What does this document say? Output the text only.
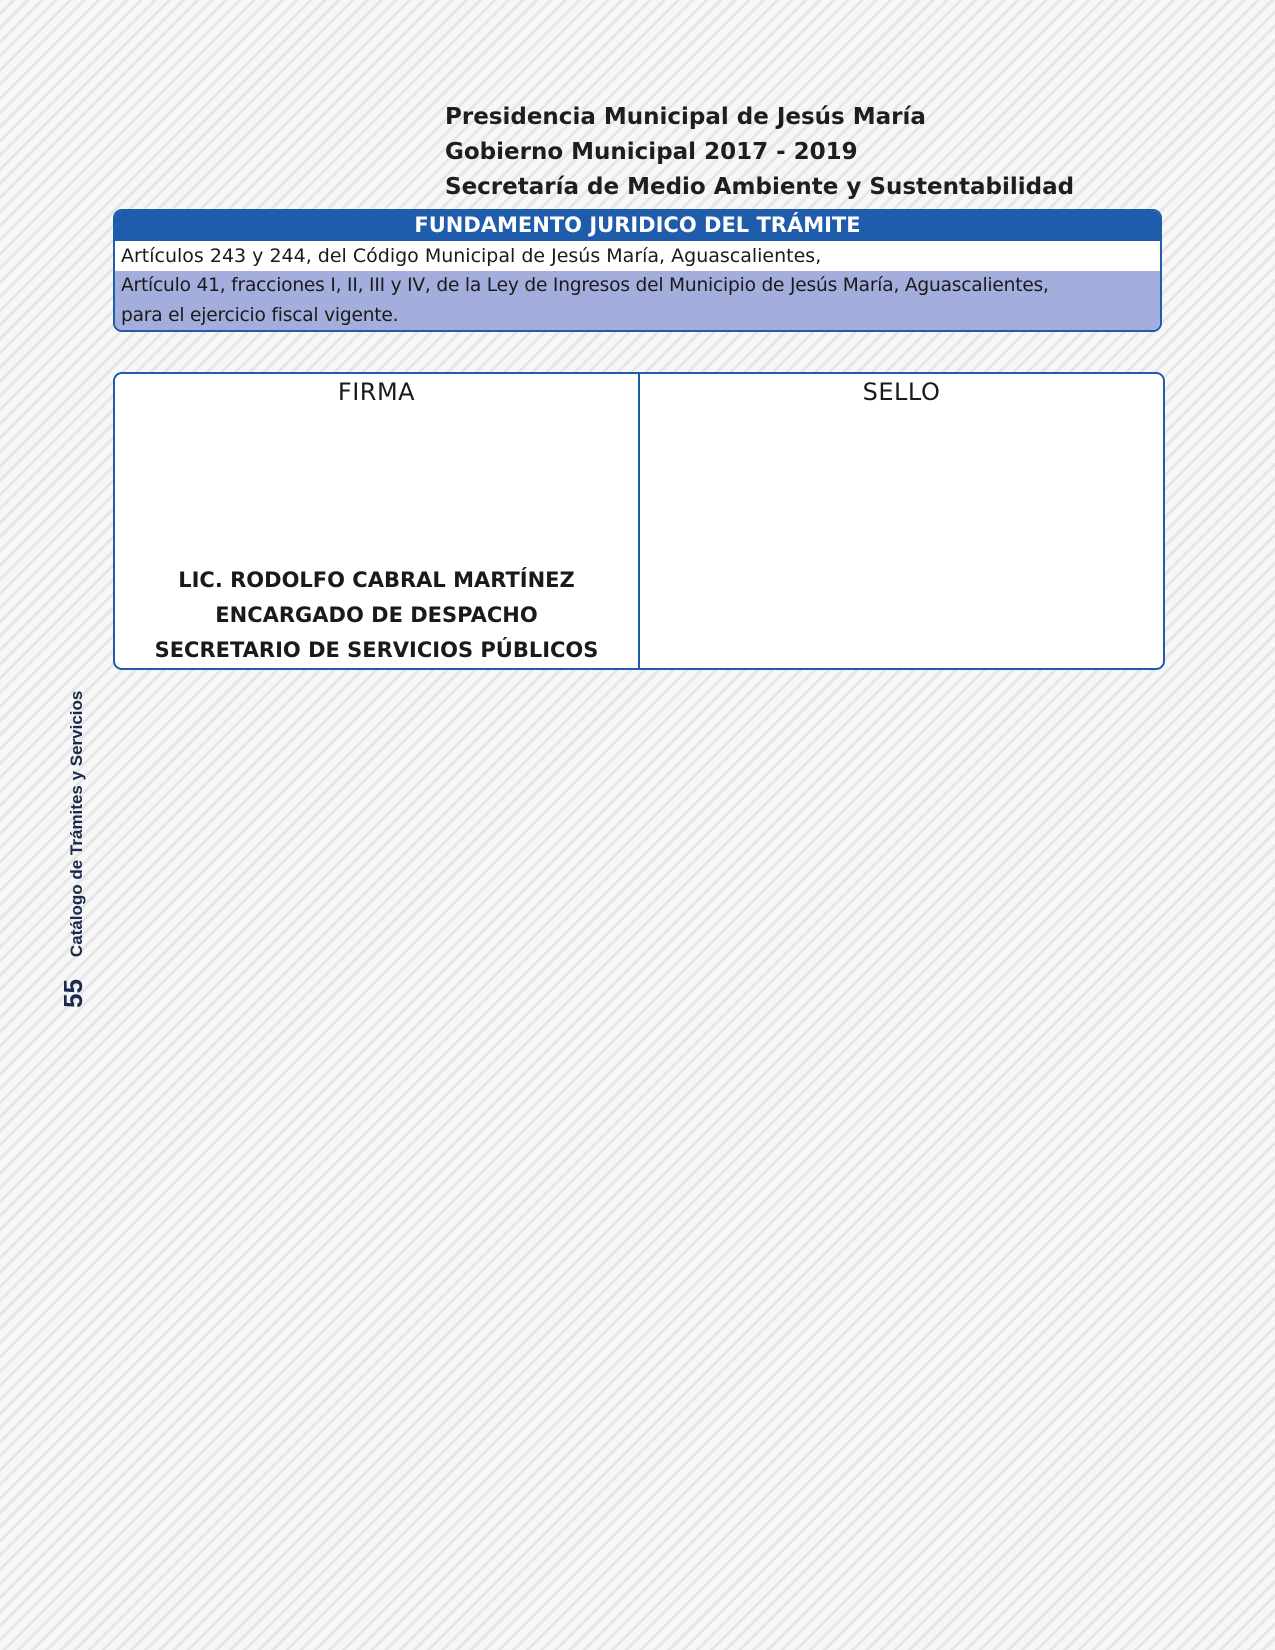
Presidencia Municipal de Jesús María
Gobierno Municipal 2017 - 2019
Secretaría de Medio Ambiente y Sustentabilidad
FUNDAMENTO JURIDICO DEL TRÁMITE
Artículos 243 y 244, del Código Municipal de Jesús María, Aguascalientes,
Artículo 41, fracciones I, II, III y IV, de la Ley de Ingresos del Municipio de Jesús María, Aguascalientes,
para el ejercicio fiscal vigente.
FIRMA
LIC. RODOLFO CABRAL MARTÍNEZ
ENCARGADO DE DESPACHO
SECRETARIO DE SERVICIOS PÚBLICOS
SELLO
55
Catálogo de Trámites y Servicios
